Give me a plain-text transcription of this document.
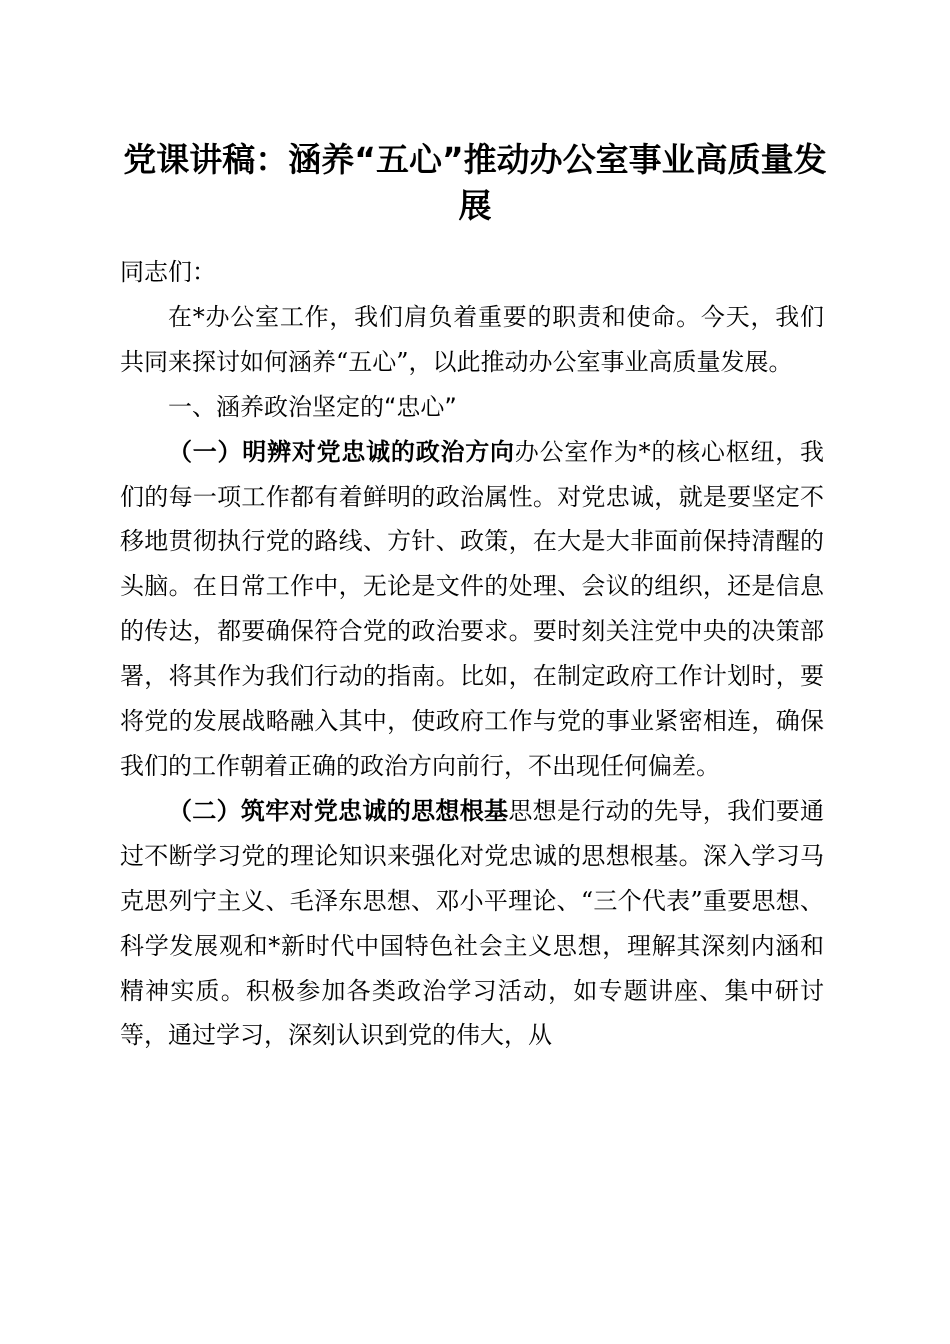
党课讲稿：涵养“五心”推动办公室事业高质量发展

同志们：

在*办公室工作，我们肩负着重要的职责和使命。今天，我们共同来探讨如何涵养“五心”，以此推动办公室事业高质量发展。

一、涵养政治坚定的“忠心”

（一）明辨对党忠诚的政治方向办公室作为*的核心枢纽，我们的每一项工作都有着鲜明的政治属性。对党忠诚，就是要坚定不移地贯彻执行党的路线、方针、政策，在大是大非面前保持清醒的头脑。在日常工作中，无论是文件的处理、会议的组织，还是信息的传达，都要确保符合党的政治要求。要时刻关注党中央的决策部署，将其作为我们行动的指南。比如，在制定政府工作计划时，要将党的发展战略融入其中，使政府工作与党的事业紧密相连，确保我们的工作朝着正确的政治方向前行，不出现任何偏差。

（二）筑牢对党忠诚的思想根基思想是行动的先导，我们要通过不断学习党的理论知识来强化对党忠诚的思想根基。深入学习马克思列宁主义、毛泽东思想、邓小平理论、“三个代表”重要思想、科学发展观和*新时代中国特色社会主义思想，理解其深刻内涵和精神实质。积极参加各类政治学习活动，如专题讲座、集中研讨等，通过学习，深刻认识到党的伟大，从
